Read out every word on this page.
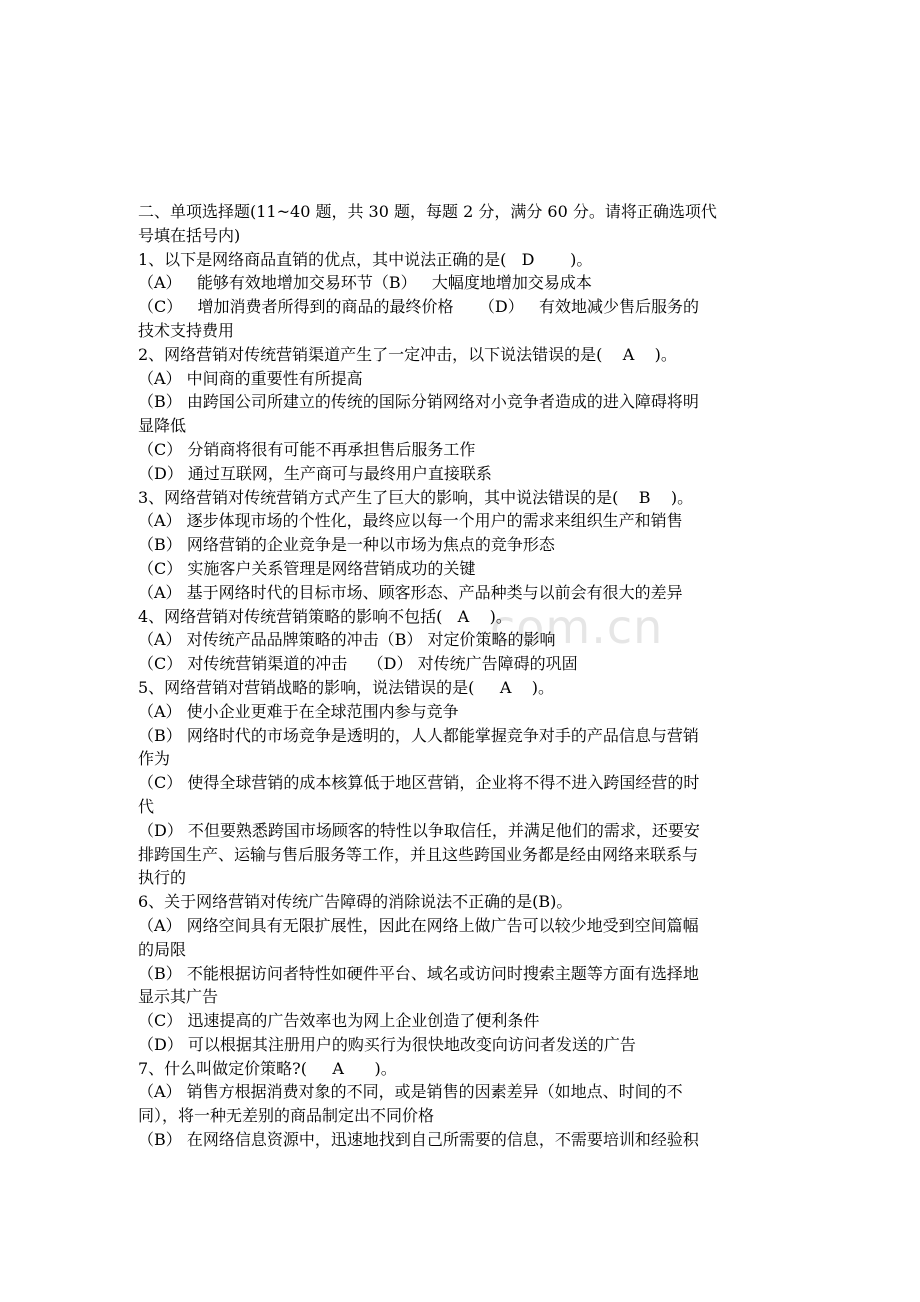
com.cn
二、单项选择题(11~40 题，共 30 题，每题 2 分，满分 60 分。请将正确选项代
号填在括号内)
1、以下是网络商品直销的优点，其中说法正确的是(   D       )。
（A）   能够有效地增加交易环节（B）   大幅度地增加交易成本
（C）   增加消费者所得到的商品的最终价格     （D）   有效地减少售后服务的
技术支持费用
2、网络营销对传统营销渠道产生了一定冲击，以下说法错误的是(    A    )。
（A） 中间商的重要性有所提高
（B） 由跨国公司所建立的传统的国际分销网络对小竞争者造成的进入障碍将明
显降低
（C） 分销商将很有可能不再承担售后服务工作
（D） 通过互联网，生产商可与最终用户直接联系
3、网络营销对传统营销方式产生了巨大的影响，其中说法错误的是(    B    )。
（A） 逐步体现市场的个性化，最终应以每一个用户的需求来组织生产和销售
（B） 网络营销的企业竞争是一种以市场为焦点的竞争形态
（C） 实施客户关系管理是网络营销成功的关键
（A） 基于网络时代的目标市场、顾客形态、产品种类与以前会有很大的差异
4、网络营销对传统营销策略的影响不包括(   A    )。
（A） 对传统产品品牌策略的冲击（B） 对定价策略的影响
（C） 对传统营销渠道的冲击    （D） 对传统广告障碍的巩固
5、网络营销对营销战略的影响，说法错误的是(     A    )。
（A） 使小企业更难于在全球范围内参与竞争
（B） 网络时代的市场竞争是透明的，人人都能掌握竞争对手的产品信息与营销
作为
（C） 使得全球营销的成本核算低于地区营销，企业将不得不进入跨国经营的时
代
（D） 不但要熟悉跨国市场顾客的特性以争取信任，并满足他们的需求，还要安
排跨国生产、运输与售后服务等工作，并且这些跨国业务都是经由网络来联系与
执行的
6、关于网络营销对传统广告障碍的消除说法不正确的是(B)。
（A） 网络空间具有无限扩展性，因此在网络上做广告可以较少地受到空间篇幅
的局限
（B） 不能根据访问者特性如硬件平台、域名或访问时搜索主题等方面有选择地
显示其广告
（C） 迅速提高的广告效率也为网上企业创造了便利条件
（D） 可以根据其注册用户的购买行为很快地改变向访问者发送的广告
7、什么叫做定价策略?(     A      )。
（A） 销售方根据消费对象的不同，或是销售的因素差异（如地点、时间的不
同），将一种无差别的商品制定出不同价格
（B） 在网络信息资源中，迅速地找到自己所需要的信息，不需要培训和经验积
